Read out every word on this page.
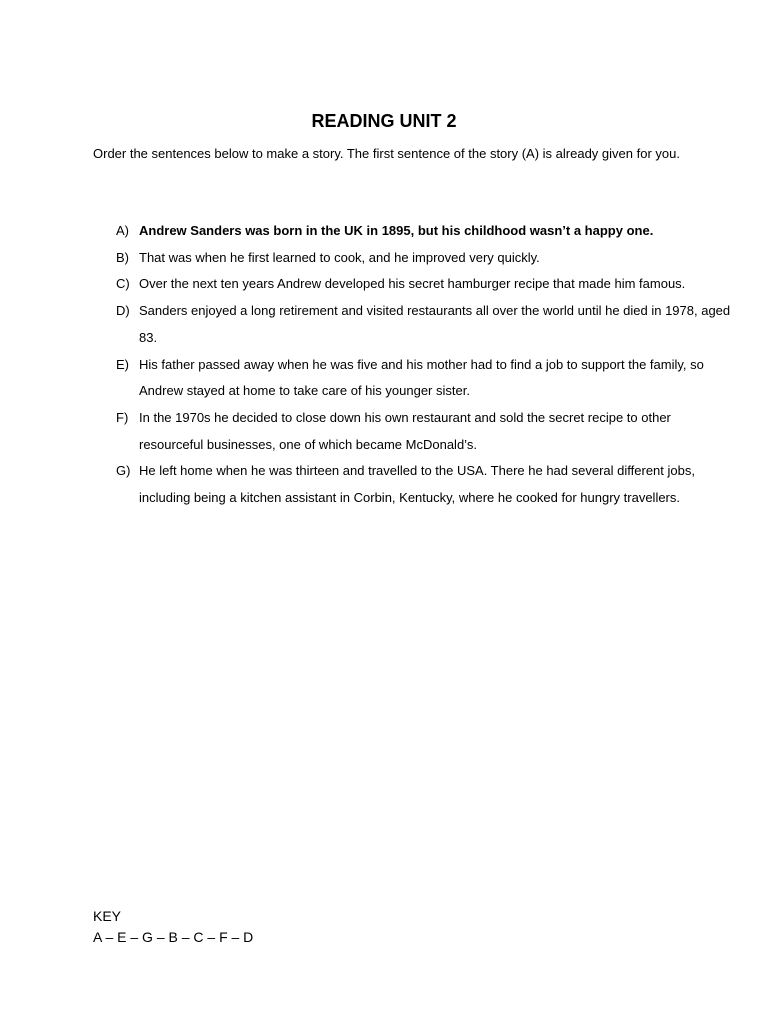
READING UNIT 2
Order the sentences below to make a story. The first sentence of the story (A) is already given for you.
A) Andrew Sanders was born in the UK in 1895, but his childhood wasn’t a happy one.
B) That was when he first learned to cook, and he improved very quickly.
C) Over the next ten years Andrew developed his secret hamburger recipe that made him famous.
D) Sanders enjoyed a long retirement and visited restaurants all over the world until he died in 1978, aged 83.
E) His father passed away when he was five and his mother had to find a job to support the family, so Andrew stayed at home to take care of his younger sister.
F) In the 1970s he decided to close down his own restaurant and sold the secret recipe to other resourceful businesses, one of which became McDonald’s.
G) He left home when he was thirteen and travelled to the USA. There he had several different jobs, including being a kitchen assistant in Corbin, Kentucky, where he cooked for hungry travellers.
KEY
A – E – G – B – C – F – D
